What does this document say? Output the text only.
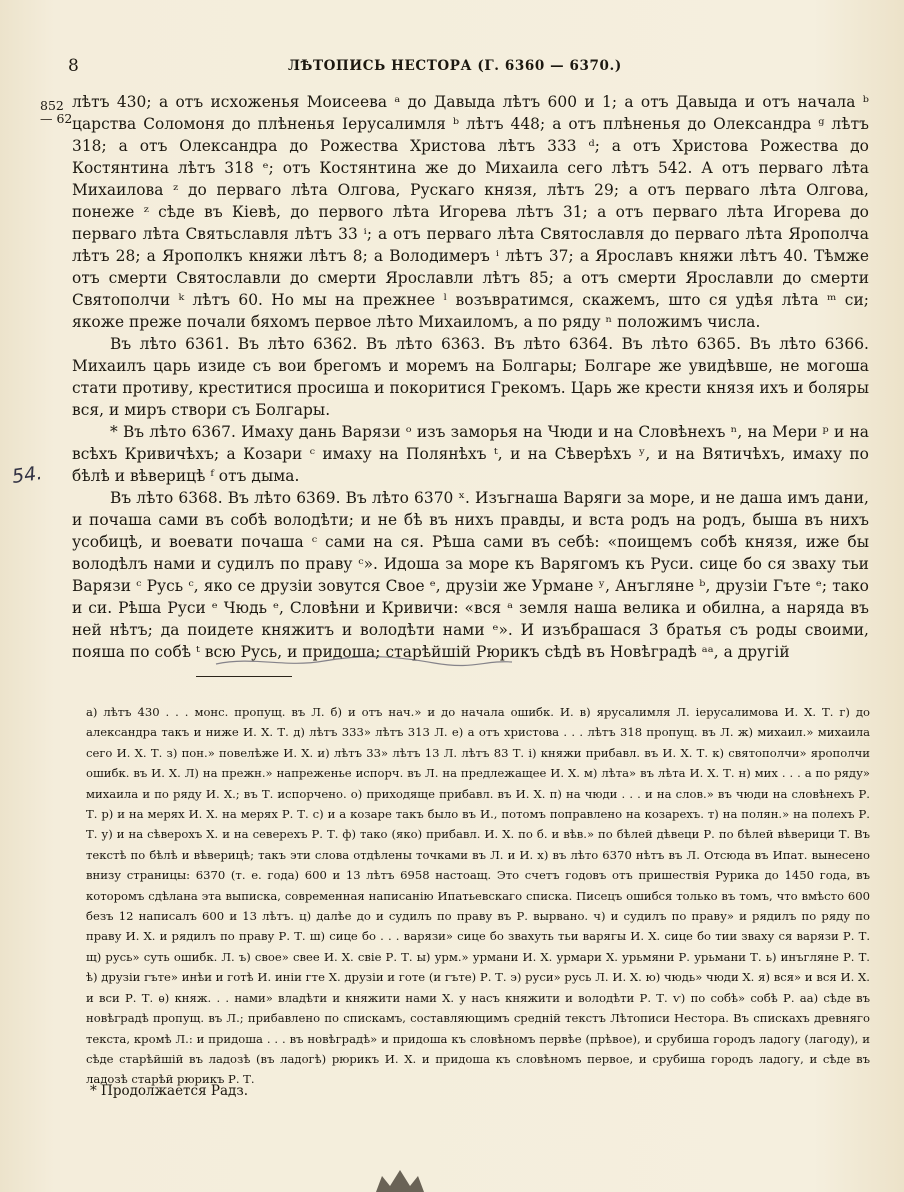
8	ЛѢТОПИСЬ НЕСТОРА (Г. 6360 — 6370.)
852
— 62

лѣтъ 430; а отъ исхоженья Моисеева ᵃ до Давыда лѣтъ 600 и 1; а отъ Давыда и отъ начала ᵇ царства Соломоня до плѣненья Іерусалимля ᵇ лѣтъ 448; а отъ плѣненья до Олександра ᵍ лѣтъ 318; а отъ Олександра до Рожества Христова лѣтъ 333 ᵈ; а отъ Христова Рожества до Костянтина лѣтъ 318 ᵉ; отъ Костянтина же до Михаила сего лѣтъ 542. А отъ перваго лѣта Михаилова ᶻ до перваго лѣта Олгова, Рускаго князя, лѣтъ 29; а отъ перваго лѣта Олгова, понеже ᶻ сѣде въ Кіевѣ, до первого лѣта Игорева лѣтъ 31; а отъ перваго лѣта Игорева до перваго лѣта Святьславля лѣтъ 33 ⁱ; а отъ перваго лѣта Святославля до перваго лѣта Ярополча лѣтъ 28; а Ярополкъ княжи лѣтъ 8; а Володимеръ ⁱ лѣтъ 37; а Ярославъ княжи лѣтъ 40. Тѣмже отъ смерти Святославли до смерти Ярославли лѣтъ 85; а отъ смерти Ярославли до смерти Святополчи ᵏ лѣтъ 60. Но мы на прежнее ˡ возъвратимся, скажемъ, што ся удѣя лѣта ᵐ си; якоже преже почали бяхомъ первое лѣто Михаиломъ, а по ряду ⁿ положимъ числа.

Въ лѣто 6361. Въ лѣто 6362. Въ лѣто 6363. Въ лѣто 6364. Въ лѣто 6365. Въ лѣто 6366. Михаилъ царь изиде съ вои брегомъ и моремъ на Болгары; Болгаре же увидѣвше, не могоша стати противу, креститися просиша и покоритися Грекомъ. Царь же крести князя ихъ и боляры вся, и миръ створи съ Болгары.

* Въ лѣто 6367. Имаху дань Варязи ᵒ изъ заморья на Чюди и на Словѣнехъ ⁿ, на Мери ᵖ и на всѣхъ Кривичѣхъ; а Козари ᶜ имаху на Полянѣхъ ᵗ, и на Сѣверѣхъ ʸ, и на Вятичѣхъ, имаху по бѣлѣ и вѣверицѣ ᶠ отъ дыма.

Въ лѣто 6368. Въ лѣто 6369. Въ лѣто 6370 ˣ. Изъгнаша Варяги за море, и не даша имъ дани, и почаша сами въ собѣ володѣти; и не бѣ въ нихъ правды, и вста родъ на родъ, быша въ нихъ усобицѣ, и воевати почаша ᶜ сами на ся. Рѣша сами въ себѣ: «поищемъ собѣ князя, иже бы володѣлъ нами и судилъ по праву ᶜ». Идоша за море къ Варягомъ къ Руси. сице бо ся зваху тьи Варязи ᶜ Русь ᶜ, яко се друзіи зовутся Свое ᵉ, друзіи же Урмане ʸ, Анъгляне ᵇ, друзіи Гъте ᵉ; тако и си. Рѣша Руси ᵉ Чюдь ᵉ, Словѣни и Кривичи: «вся ᵃ земля наша велика и обилна, а наряда въ ней нѣтъ; да поидете княжитъ и володѣти нами ᵉ». И изъбрашася 3 братья съ роды своими, пояша по собѣ ᵗ всю Русь, и придоша; старѣйшій Рюрикъ сѣдѣ въ Новѣградѣ ᵃᵃ, а другій

54.
а) лѣтъ 430 . . . монс. пропущ. въ Л. б) и отъ нач.» и до начала ошибк. И. в) ярусалимля Л. іерусалимова И. Х. Т. г) до александра такъ и ниже И. Х. Т. д) лѣтъ 333» лѣтъ 313 Л. е) а отъ христова . . . лѣтъ 318 пропущ. въ Л. ж) михаил.» михаила сего И. Х. Т. з) пон.» повелѣже И. Х. и) лѣтъ 33» лѣтъ 13 Л. лѣтъ 83 Т. і) княжи прибавл. въ И. Х. Т. к) святополчи» ярополчи ошибк. въ И. Х. Л) на прежн.» напреженье испорч. въ Л. на предлежащее И. Х. м) лѣта» въ лѣта И. Х. Т. н) мих . . . а по ряду» михаила и по ряду И. Х.; въ Т. испорчено. о) приходяще прибавл. въ И. Х. п) на чюди . . . и на слов.» въ чюди на словѣнехъ Р. Т. р) и на мерях И. Х. на мерях Р. Т. с) и а козаре такъ было въ И., потомъ поправлено на козарехъ. т) на полян.» на полехъ Р. Т. у) и на сѣверохъ Х. и на северехъ Р. Т. ф) тако (яко) прибавл. И. Х. по б. и вѣв.» по бѣлей дѣвеци Р. по бѣлей вѣверици Т. Въ текстѣ по бѣлѣ и вѣверицѣ; такъ эти слова отдѣлены точками въ Л. и И. х) въ лѣто 6370 нѣтъ въ Л. Отсюда въ Ипат. вынесено внизу страницы: 6370 (т. е. года) 600 и 13 лѣтъ 6958 настоащ. Это счетъ годовъ отъ пришествія Рурика до 1450 года, въ которомъ сдѣлана эта выписка, современная написанію Ипатьевскаго списка. Писецъ ошибся только въ томъ, что вмѣсто 600 безъ 12 написалъ 600 и 13 лѣтъ. ц) далѣе до и судилъ по праву въ Р. вырвано. ч) и судилъ по праву» и рядилъ по ряду по праву И. Х. и рядилъ по праву Р. Т. ш) сице бо . . . варязи» сице бо звахуть тьи варягы И. Х. сице бо тии зваху ся варязи Р. Т. щ) русь» суть ошибк. Л. ъ) свое» свее И. Х. свіе Р. Т. ы) урм.» урмани И. Х. урмари Х. урьмяни Р. урьмани Т. ь) инъгляне Р. Т. ѣ) друзіи гъте» инѣи и готѣ И. иніи гте Х. друзіи и готе (и гъте) Р. Т. э) руси» русь Л. И. Х. ю) чюдь» чюди Х. я) вся» и вся И. Х. и вси Р. Т. ѳ) княж. . . нами» владѣти и княжити нами Х. у насъ княжити и володѣти Р. Т. ѵ) по собѣ» собѣ Р. аа) сѣде въ новѣградѣ пропущ. въ Л.; прибавлено по спискамъ, составляющимъ средній текстъ Лѣтописи Нестора. Въ спискахъ древняго текста, кромѣ Л.: и придоша . . . въ новѣградѣ» и придоша къ словѣномъ первѣе (прѣвое), и срубиша городъ ладогу (лагоду), и сѣде старѣйшій въ ладозѣ (въ ладогѣ) рюрикъ И. Х. и придоша къ словѣномъ первое, и срубиша городъ ладогу, и сѣде въ ладозѣ старѣй рюрикъ Р. Т.
* Продолжается Радз.
